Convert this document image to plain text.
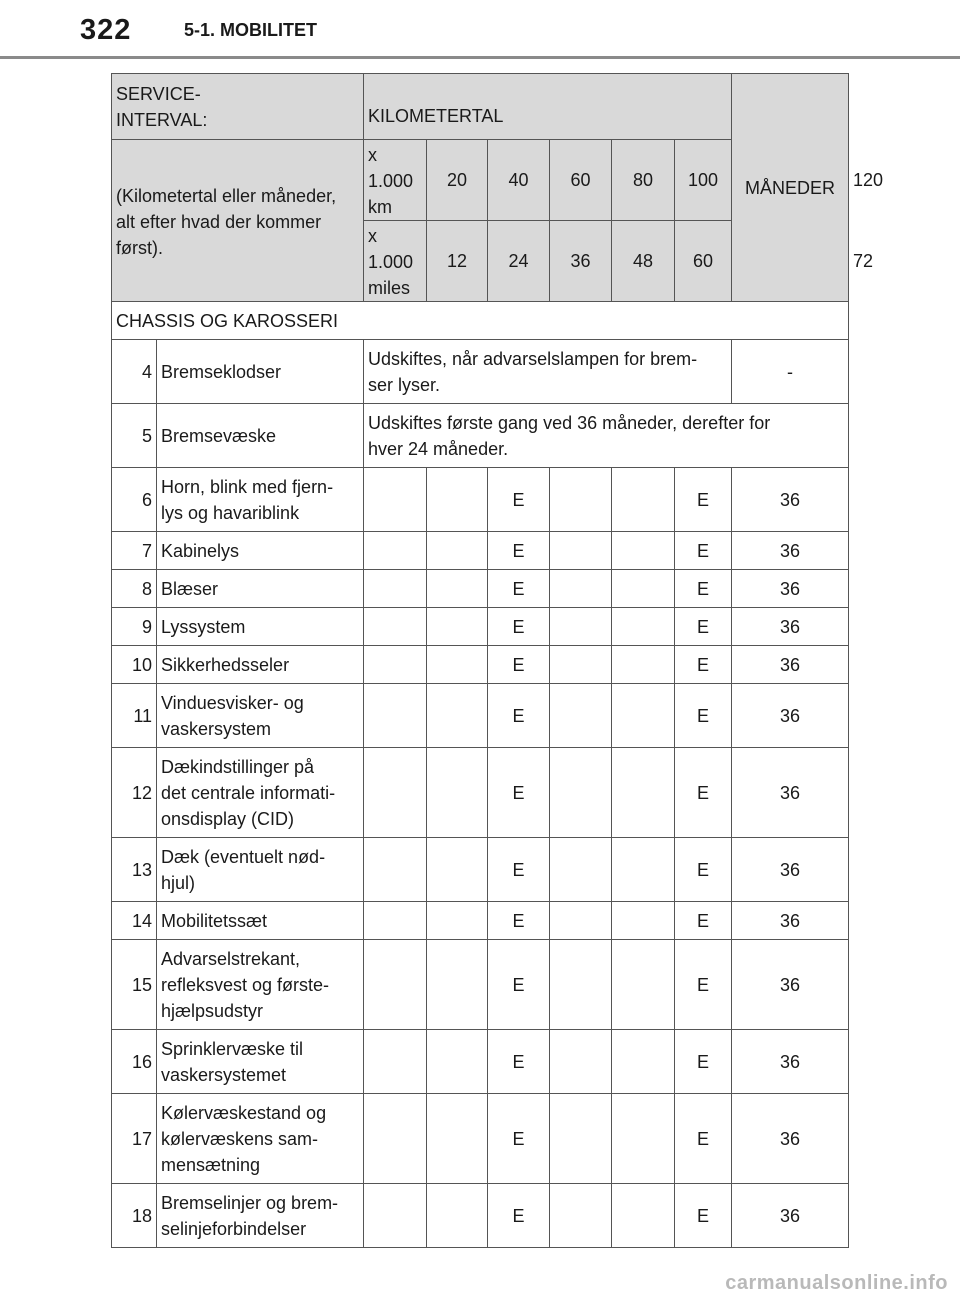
322	5-1. MOBILITET
SERVICE-
INTERVAL:		KILOMETERTAL						MÅNEDER	
(Kilometertal eller måneder, alt efter hvad der kommer først).		x 1.000
km	20	40	60	80	100		120
		x 1.000
miles	12	24	36	48	60		72
CHASSIS OG KAROSSERI									
4	Bremseklodser	Udskiftes, når advarselslampen for brem-
ser lyser.						-	
5	Bremsevæske	Udskiftes første gang ved 36 måneder, derefter for
hver 24 måneder.							
6	Horn, blink med fjern-
lys og havariblink			E			E	36	
7	Kabinelys			E			E	36	
8	Blæser			E			E	36	
9	Lyssystem			E			E	36	
10	Sikkerhedsseler			E			E	36	
11	Vinduesvisker- og
vaskersystem			E			E	36	
12	Dækindstillinger på
det centrale informati-
onsdisplay (CID)			E			E	36	
13	Dæk (eventuelt nød-
hjul)			E			E	36	
14	Mobilitetssæt			E			E	36	
15	Advarselstrekant,
refleksvest og første-
hjælpsudstyr			E			E	36	
16	Sprinklervæske til
vaskersystemet			E			E	36	
17	Kølervæskestand og
kølervæskens sam-
mensætning			E			E	36	
18	Bremselinjer og brem-
selinjeforbindelser			E			E	36	
carmanualsonline.info
